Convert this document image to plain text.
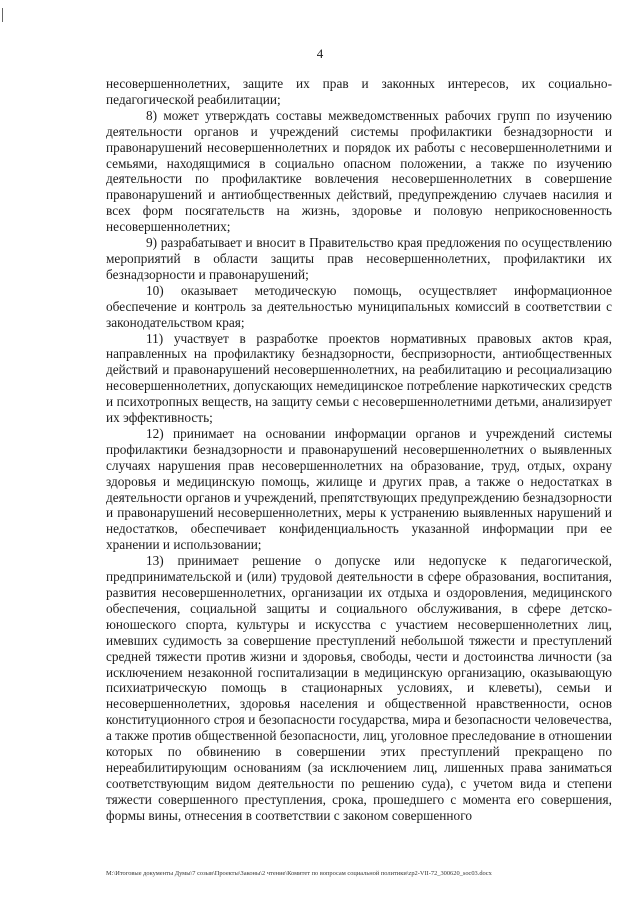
4

несовершеннолетних, защите их прав и законных интересов, их социально-педагогической реабилитации;

8) может утверждать составы межведомственных рабочих групп по изучению деятельности органов и учреждений системы профилактики безнадзорности и правонарушений несовершеннолетних и порядок их работы с несовершеннолетними и семьями, находящимися в социально опасном положении, а также по изучению деятельности по профилактике вовлечения несовершеннолетних в совершение правонарушений и антиобщественных действий, предупреждению случаев насилия и всех форм посягательств на жизнь, здоровье и половую неприкосновенность несовершеннолетних;

9) разрабатывает и вносит в Правительство края предложения по осуществлению мероприятий в области защиты прав несовершеннолетних, профилактики их безнадзорности и правонарушений;

10) оказывает методическую помощь, осуществляет информационное обеспечение и контроль за деятельностью муниципальных комиссий в соответствии с законодательством края;

11) участвует в разработке проектов нормативных правовых актов края, направленных на профилактику безнадзорности, беспризорности, антиобщественных действий и правонарушений несовершеннолетних, на реабилитацию и ресоциализацию несовершеннолетних, допускающих немедицинское потребление наркотических средств и психотропных веществ, на защиту семьи с несовершеннолетними детьми, анализирует их эффективность;

12) принимает на основании информации органов и учреждений системы профилактики безнадзорности и правонарушений несовершеннолетних о выявленных случаях нарушения прав несовершеннолетних на образование, труд, отдых, охрану здоровья и медицинскую помощь, жилище и других прав, а также о недостатках в деятельности органов и учреждений, препятствующих предупреждению безнадзорности и правонарушений несовершеннолетних, меры к устранению выявленных нарушений и недостатков, обеспечивает конфиденциальность указанной информации при ее хранении и использовании;

13) принимает решение о допуске или недопуске к педагогической, предпринимательской и (или) трудовой деятельности в сфере образования, воспитания, развития несовершеннолетних, организации их отдыха и оздоровления, медицинского обеспечения, социальной защиты и социального обслуживания, в сфере детско-юношеского спорта, культуры и искусства с участием несовершеннолетних лиц, имевших судимость за совершение преступлений небольшой тяжести и преступлений средней тяжести против жизни и здоровья, свободы, чести и достоинства личности (за исключением незаконной госпитализации в медицинскую организацию, оказывающую психиатрическую помощь в стационарных условиях, и клеветы), семьи и несовершеннолетних, здоровья населения и общественной нравственности, основ конституционного строя и безопасности государства, мира и безопасности человечества, а также против общественной безопасности, лиц, уголовное преследование в отношении которых по обвинению в совершении этих преступлений прекращено по нереабилитирующим основаниям (за исключением лиц, лишенных права заниматься соответствующим видом деятельности по решению суда), с учетом вида и степени тяжести совершенного преступления, срока, прошедшего с момента его совершения, формы вины, отнесения в соответствии с законом совершенного

M:\Итоговые документы Думы\7 созыв\Проекты\Законы\2 чтение\Комитет по вопросам социальной политики\zp2-VII-72_300620_soc03.docx
